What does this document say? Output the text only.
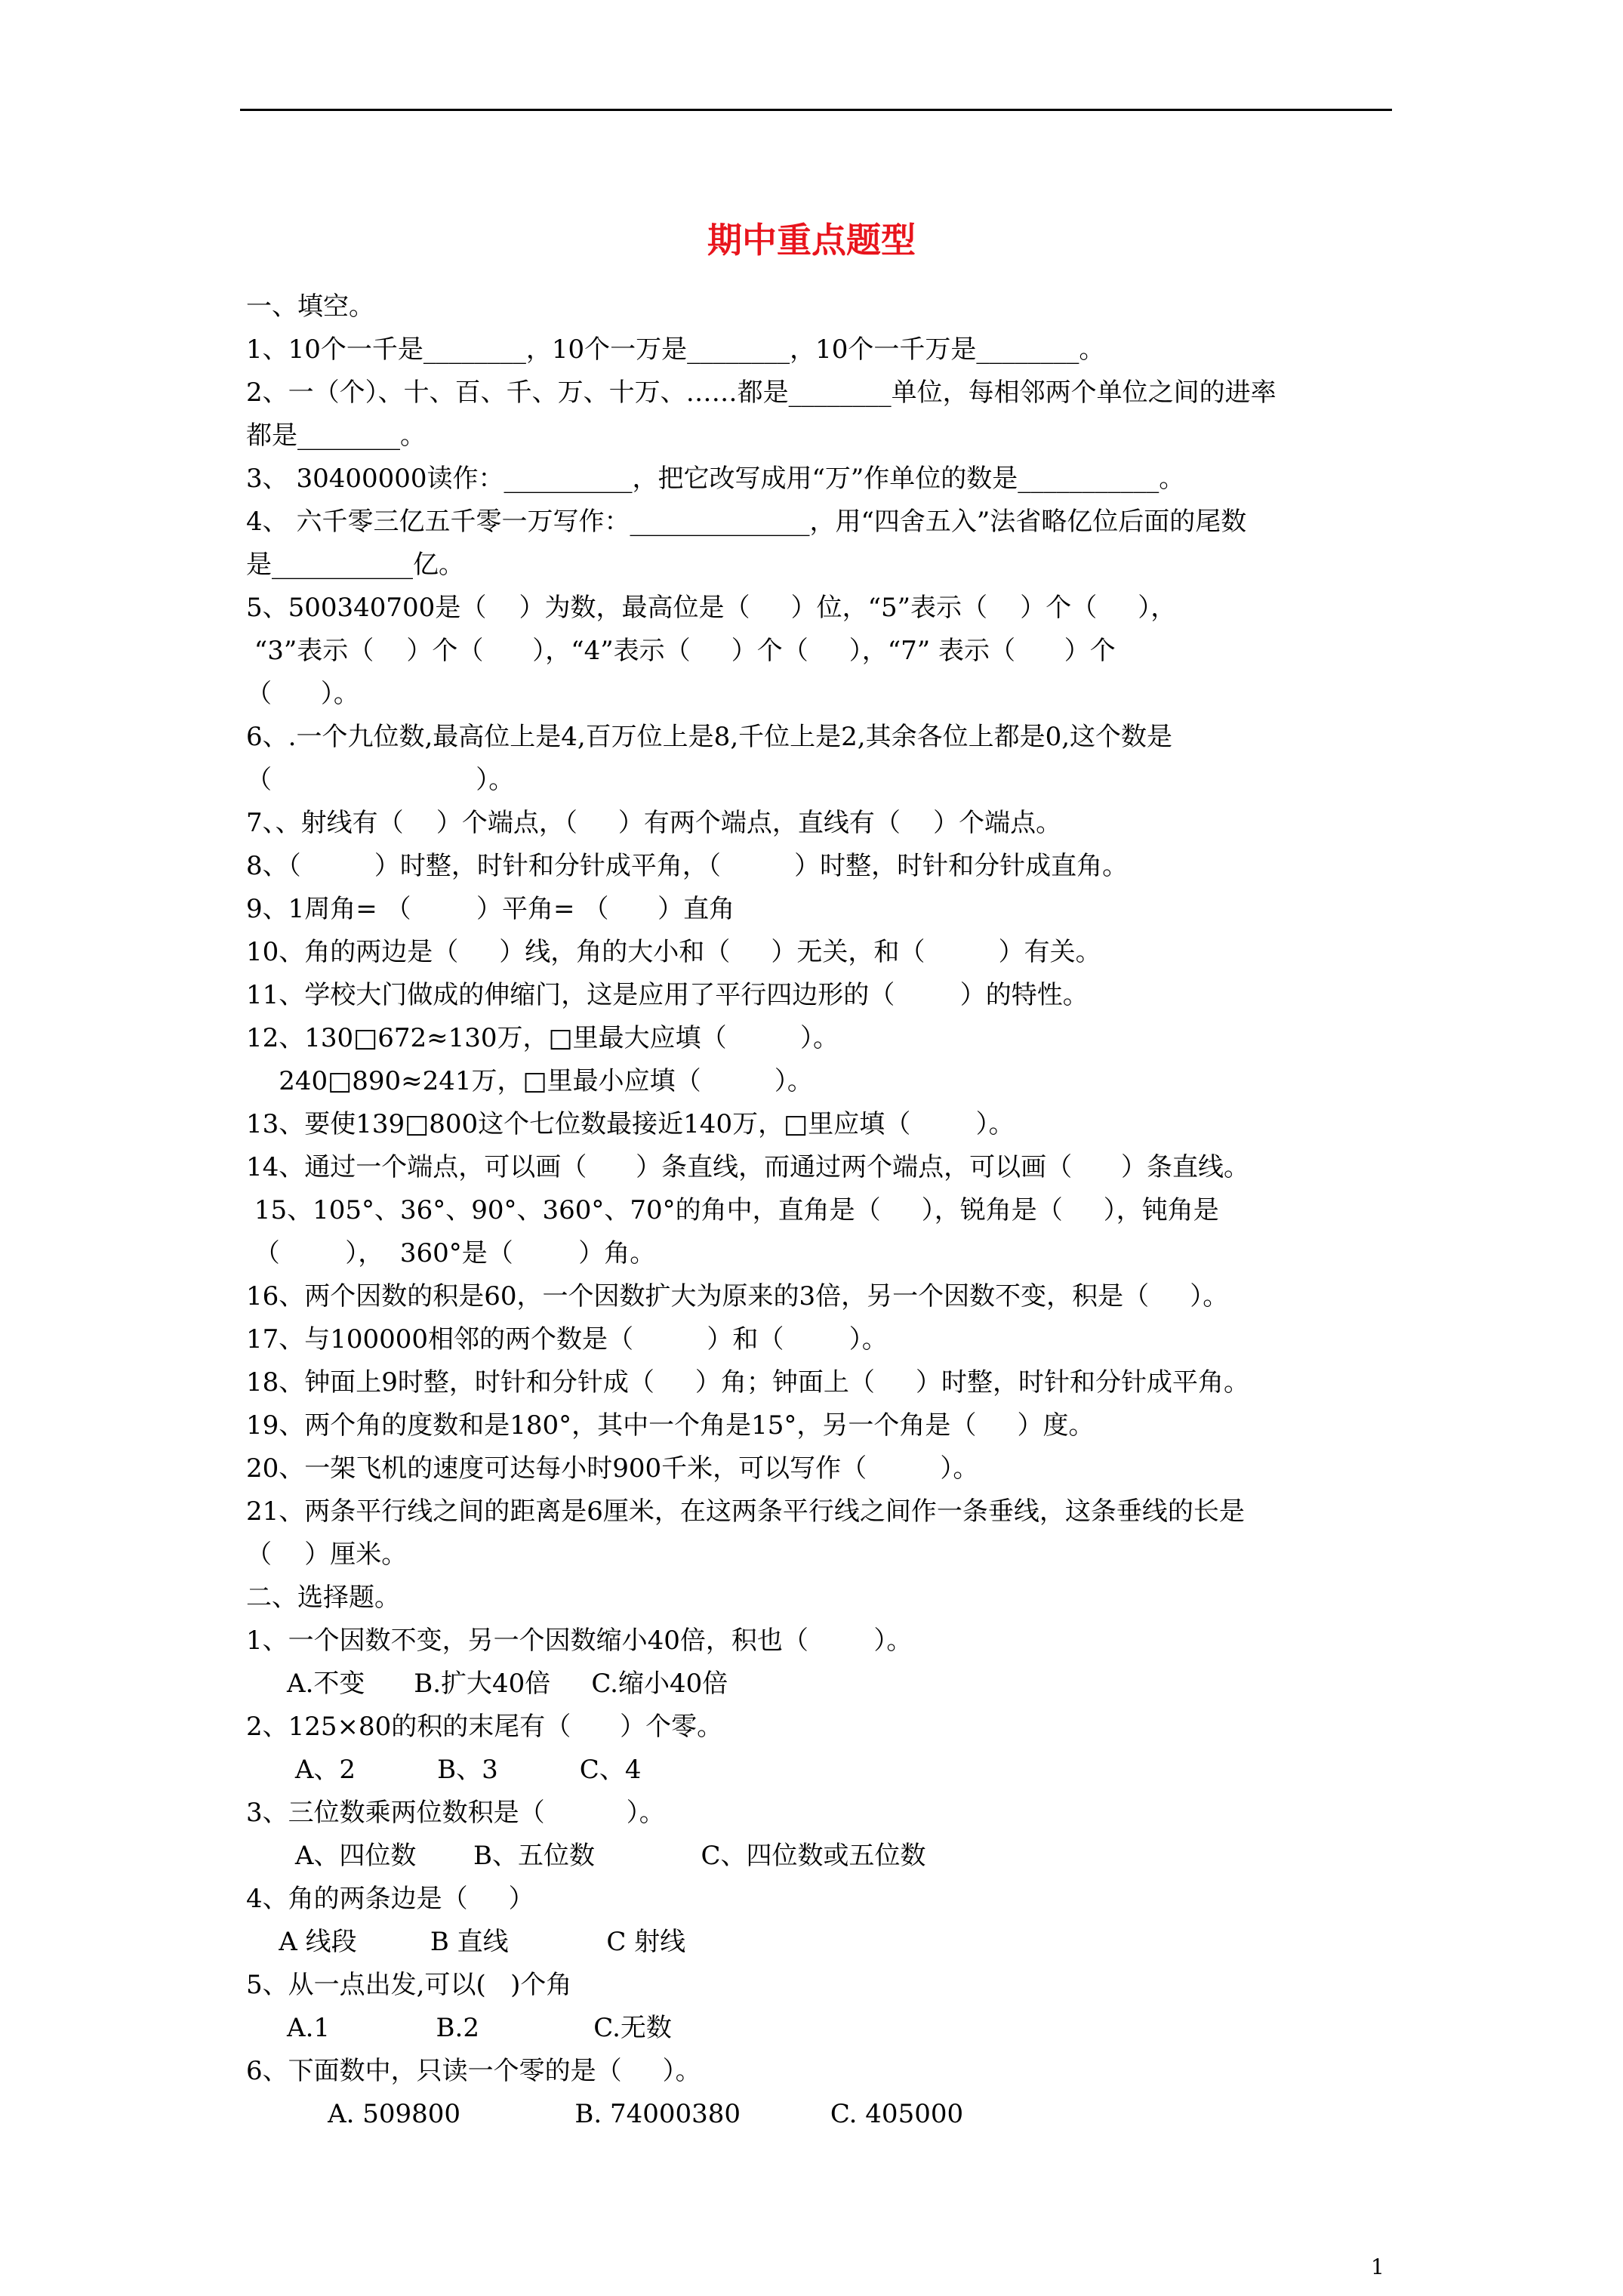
期中重点题型

一、填空。

1、10个一千是________，10个一万是________，10个一千万是________。

2、一（个）、十、百、千、万、十万、……都是________单位，每相邻两个单位之间的进率

都是________。

3、 30400000读作：__________，把它改写成用“万”作单位的数是___________。

4、 六千零三亿五千零一万写作：______________，用“四舍五入”法省略亿位后面的尾数

是___________亿。

5、500340700是（    ）为数，最高位是（     ）位，“5”表示（    ）个（     ），

“3”表示（    ）个（      ），“4”表示（     ）个（     ），“7” 表示（      ）个

（      ）。

6、.一个九位数,最高位上是4,百万位上是8,千位上是2,其余各位上都是0,这个数是

（                         ）。

7、、射线有（    ）个端点，（     ）有两个端点，直线有（    ）个端点。

8、（         ）时整，时针和分针成平角，（         ）时整，时针和分针成直角。

9、1周角= （        ）平角= （      ）直角

10、角的两边是（     ）线，角的大小和（     ）无关，和（         ）有关。

11、学校大门做成的伸缩门，这是应用了平行四边形的（        ）的特性。

12、130□672≈130万，□里最大应填（         ）。

240□890≈241万，□里最小应填（         ）。

13、要使139□800这个七位数最接近140万，□里应填（        ）。

14、通过一个端点，可以画（      ）条直线，而通过两个端点，可以画（      ）条直线。

15、105°、36°、90°、360°、70°的角中，直角是（     ），锐角是（     ），钝角是

（        ），  360°是（        ）角。

16、两个因数的积是60，一个因数扩大为原来的3倍，另一个因数不变，积是（     ）。

17、与100000相邻的两个数是（         ）和（        ）。

18、钟面上9时整，时针和分针成（     ）角；钟面上（     ）时整，时针和分针成平角。

19、两个角的度数和是180°，其中一个角是15°，另一个角是（     ）度。

20、一架飞机的速度可达每小时900千米，可以写作（         ）。

21、两条平行线之间的距离是6厘米，在这两条平行线之间作一条垂线，这条垂线的长是

（    ）厘米。

二、选择题。

1、一个因数不变，另一个因数缩小40倍，积也（        ）。

A.不变      B.扩大40倍     C.缩小40倍

2、125×80的积的末尾有（      ）个零。

A、2          B、3          C、4

3、三位数乘两位数积是（          ）。

A、四位数       B、五位数             C、四位数或五位数

4、角的两条边是（     ）

A 线段         B 直线            C 射线

5、从一点出发,可以(   )个角

A.1             B.2              C.无数

6、下面数中，只读一个零的是（     ）。

A. 509800              B. 74000380           C. 405000

1
